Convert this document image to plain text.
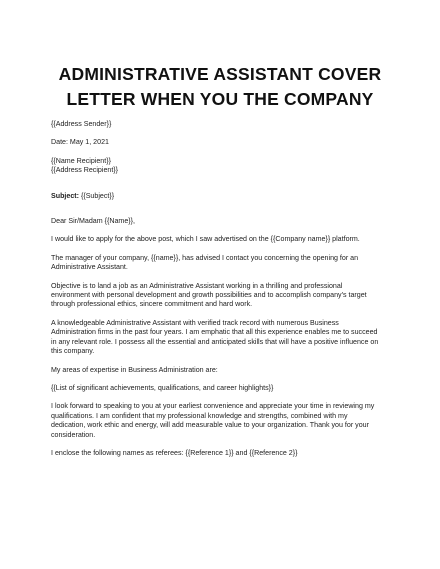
ADMINISTRATIVE ASSISTANT COVER
LETTER WHEN YOU THE COMPANY
{{Address Sender}}
Date: May 1, 2021
{{Name Recipient}}
{{Address Recipient}}
Subject: {{Subject}}
Dear Sir/Madam {{Name}},
I would like to apply for the above post, which I saw advertised on the {{Company name}} platform.
The manager of your company, {{name}}, has advised I contact you concerning the opening for an
Administrative Assistant.
Objective is to land a job as an Administrative Assistant working in a thrilling and professional
environment with personal development and growth possibilities and to accomplish company's target
through professional ethics, sincere commitment and hard work.
A knowledgeable Administrative Assistant with verified track record with numerous Business
Administration firms in the past four years. I am emphatic that all this experience enables me to succeed
in any relevant role. I possess all the essential and anticipated skills that will have a positive influence on
this company.
My areas of expertise in Business Administration are:
{{List of significant achievements, qualifications, and career highlights}}
I look forward to speaking to you at your earliest convenience and appreciate your time in reviewing my
qualifications. I am confident that my professional knowledge and strengths, combined with my
dedication, work ethic and energy, will add measurable value to your organization. Thank you for your
consideration.
I enclose the following names as referees: {{Reference 1}} and {{Reference 2}}
